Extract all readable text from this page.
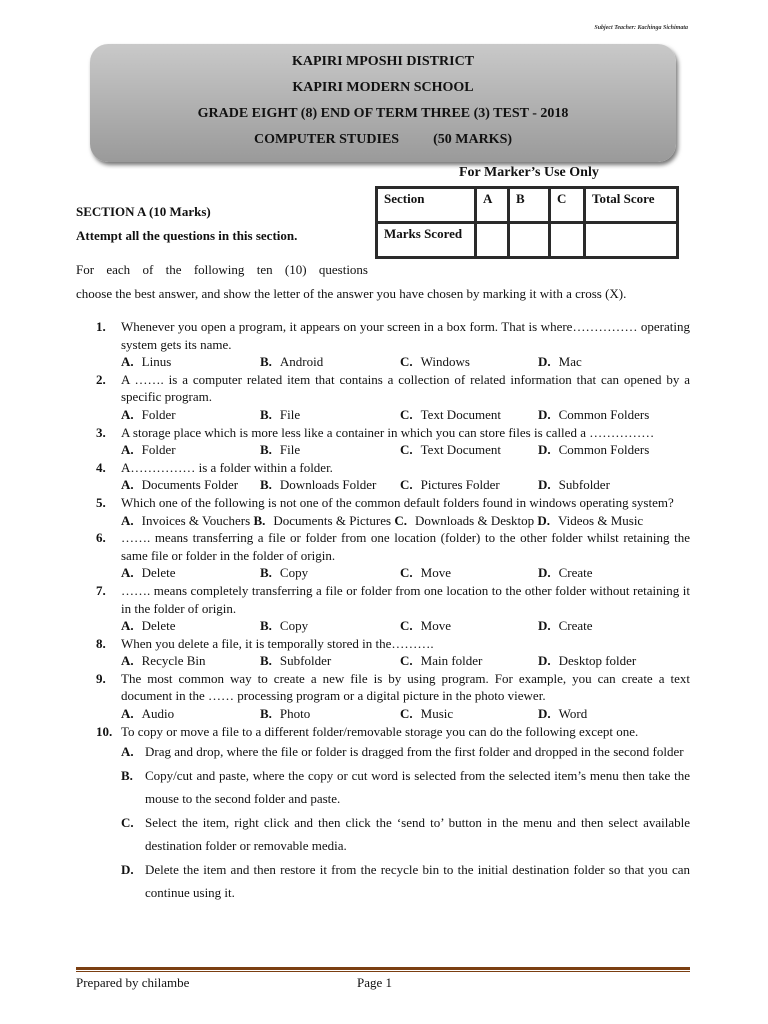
Subject Teacher: Kachinga Sichimata
KAPIRI MPOSHI DISTRICT
KAPIRI MODERN SCHOOL
GRADE EIGHT (8) END OF TERM THREE (3) TEST - 2018
COMPUTER STUDIES (50 MARKS)
For Marker’s Use Only
Section	A	B	C	Total Score
Marks Scored				
SECTION A (10 Marks)
Attempt all the questions in this section.
For each of the following ten (10) questions
choose the best answer, and show the letter of the answer you have chosen by marking it with a cross (X).
1. Whenever you open a program, it appears on your screen in a box form. That is where…………… operating system gets its name.
A. Linus	B. Android	C. Windows	D. Mac
2. A ……. is a computer related item that contains a collection of related information that can opened by a specific program.
A. Folder	B. File	C. Text Document	D. Common Folders
3. A storage place which is more less like a container in which you can store files is called a ……………
A. Folder	B. File	C. Text Document	D. Common Folders
4. A…………… is a folder within a folder.
A. Documents Folder	B. Downloads Folder	C. Pictures Folder	D. Subfolder
5. Which one of the following is not one of the common default folders found in windows operating system?
A. Invoices & Vouchers B. Documents & Pictures C. Downloads & Desktop D. Videos & Music
6. ……. means transferring a file or folder from one location (folder) to the other folder whilst retaining the same file or folder in the folder of origin.
A. Delete	B. Copy	C. Move	D. Create
7. ……. means completely transferring a file or folder from one location to the other folder without retaining it in the folder of origin.
A. Delete	B. Copy	C. Move	D. Create
8. When you delete a file, it is temporally stored in the……….
A. Recycle Bin	B. Subfolder	C. Main folder	D. Desktop folder
9. The most common way to create a new file is by using program. For example, you can create a text document in the …… processing program or a digital picture in the photo viewer.
A. Audio	B. Photo	C. Music	D. Word
10. To copy or move a file to a different folder/removable storage you can do the following except one.
A. Drag and drop, where the file or folder is dragged from the first folder and dropped in the second folder
B. Copy/cut and paste, where the copy or cut word is selected from the selected item’s menu then take the mouse to the second folder and paste.
C. Select the item, right click and then click the ‘send to’ button in the menu and then select available destination folder or removable media.
D. Delete the item and then restore it from the recycle bin to the initial destination folder so that you can continue using it.
Prepared by chilambe	Page 1
